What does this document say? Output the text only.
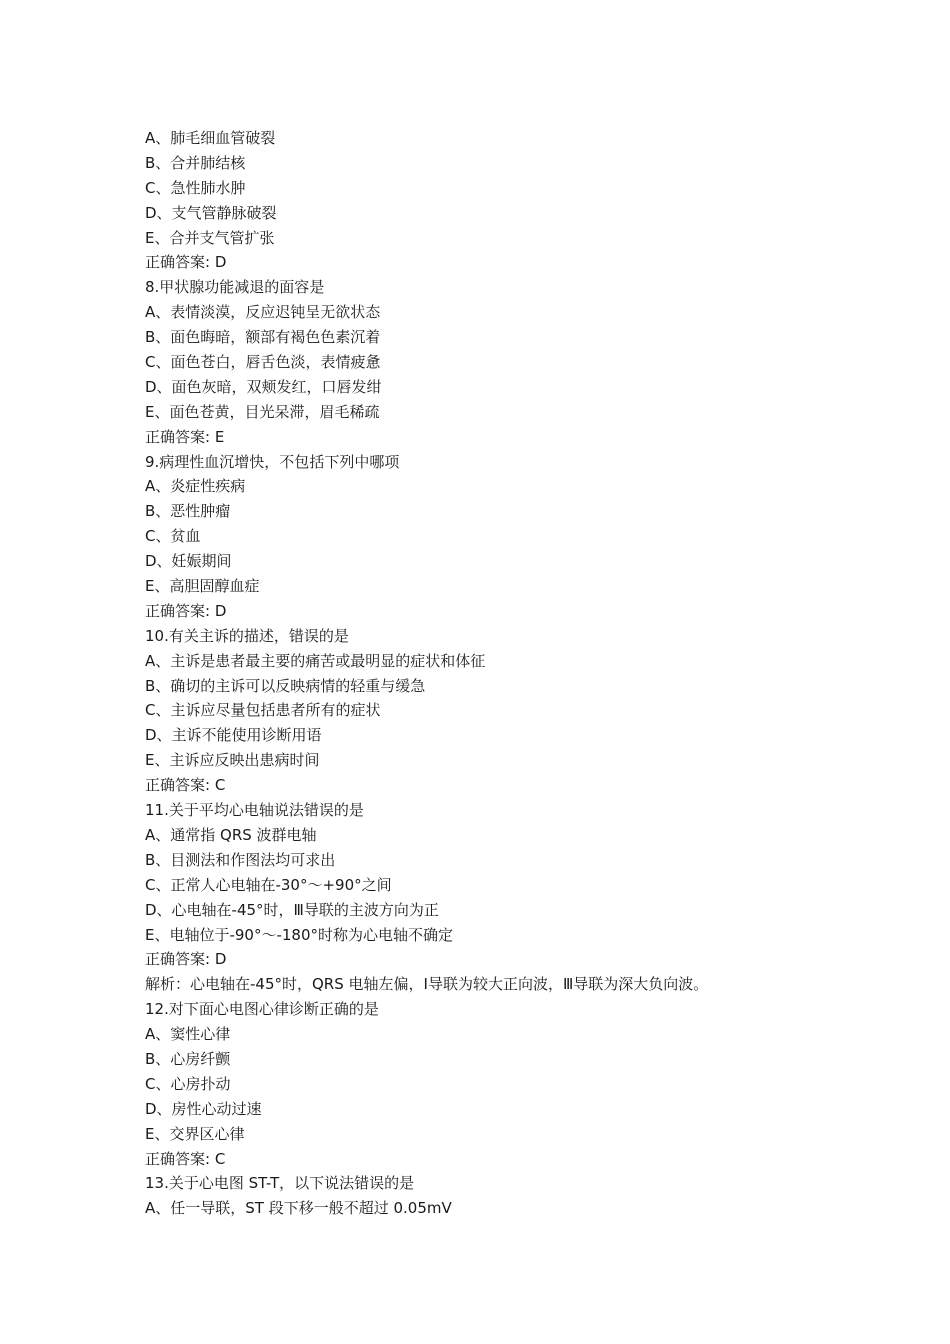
A、肺毛细血管破裂
B、合并肺结核
C、急性肺水肿
D、支气管静脉破裂
E、合并支气管扩张
正确答案: D
8.甲状腺功能减退的面容是
A、表情淡漠，反应迟钝呈无欲状态
B、面色晦暗，额部有褐色色素沉着
C、面色苍白，唇舌色淡，表情疲惫
D、面色灰暗，双颊发红，口唇发绀
E、面色苍黄，目光呆滞，眉毛稀疏
正确答案: E
9.病理性血沉增快，不包括下列中哪项
A、炎症性疾病
B、恶性肿瘤
C、贫血
D、妊娠期间
E、高胆固醇血症
正确答案: D
10.有关主诉的描述，错误的是
A、主诉是患者最主要的痛苦或最明显的症状和体征
B、确切的主诉可以反映病情的轻重与缓急
C、主诉应尽量包括患者所有的症状
D、主诉不能使用诊断用语
E、主诉应反映出患病时间
正确答案: C
11.关于平均心电轴说法错误的是
A、通常指 QRS 波群电轴
B、目测法和作图法均可求出
C、正常人心电轴在-30°～+90°之间
D、心电轴在-45°时，Ⅲ导联的主波方向为正
E、电轴位于-90°～-180°时称为心电轴不确定
正确答案: D
解析：心电轴在-45°时，QRS 电轴左偏，Ⅰ导联为较大正向波，Ⅲ导联为深大负向波。
12.对下面心电图心律诊断正确的是
A、窦性心律
B、心房纤颤
C、心房扑动
D、房性心动过速
E、交界区心律
正确答案: C
13.关于心电图 ST-T，以下说法错误的是
A、任一导联，ST 段下移一般不超过 0.05mV
